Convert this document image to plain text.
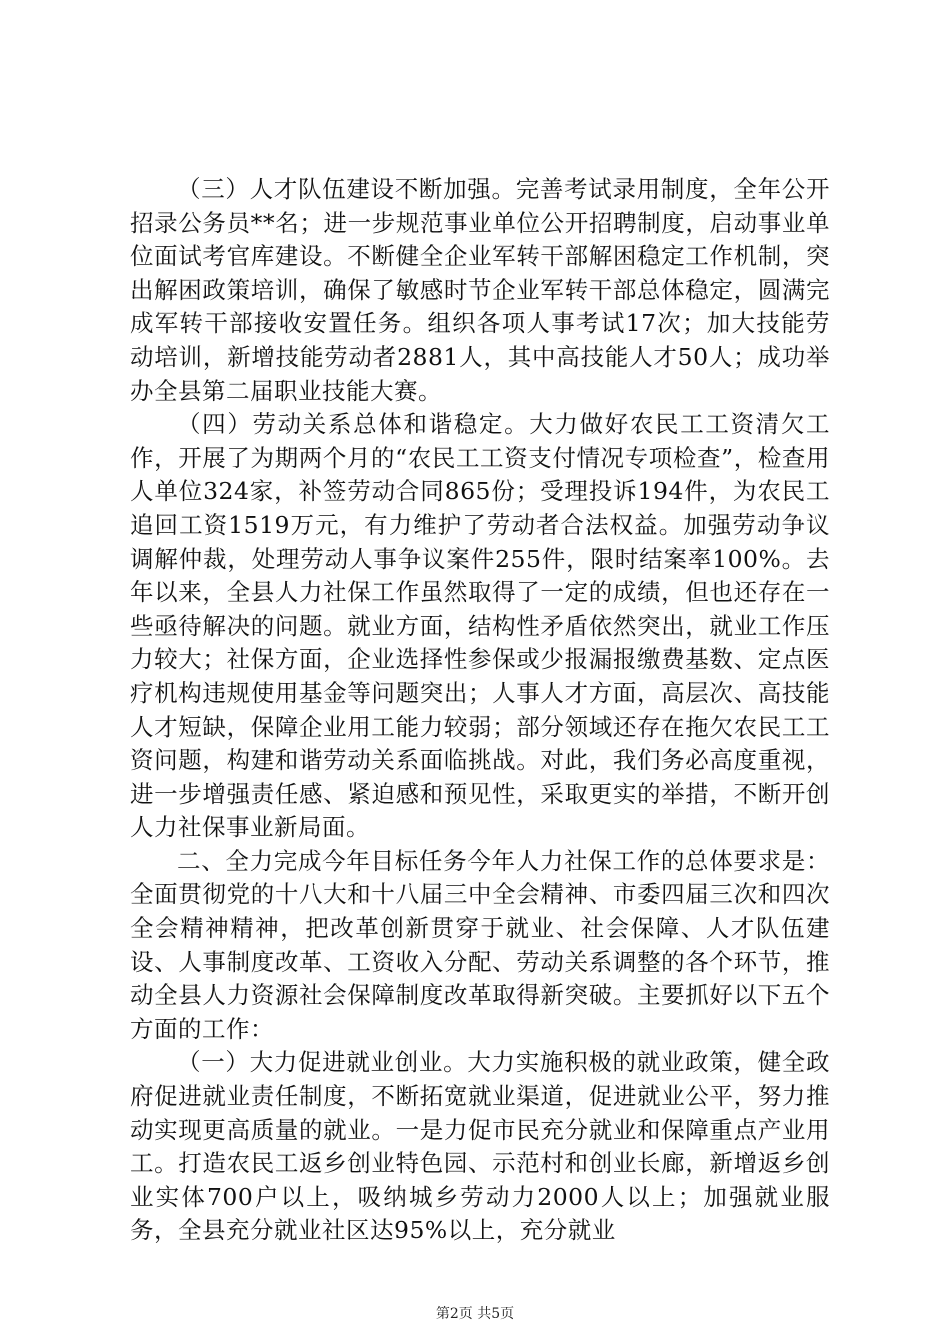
（三）人才队伍建设不断加强。完善考试录用制度，全年公开招录公务员**名；进一步规范事业单位公开招聘制度，启动事业单位面试考官库建设。不断健全企业军转干部解困稳定工作机制，突出解困政策培训，确保了敏感时节企业军转干部总体稳定，圆满完成军转干部接收安置任务。组织各项人事考试17次；加大技能劳动培训，新增技能劳动者2881人，其中高技能人才50人；成功举办全县第二届职业技能大赛。

（四）劳动关系总体和谐稳定。大力做好农民工工资清欠工作，开展了为期两个月的“农民工工资支付情况专项检查”，检查用人单位324家，补签劳动合同865份；受理投诉194件，为农民工追回工资1519万元，有力维护了劳动者合法权益。加强劳动争议调解仲裁，处理劳动人事争议案件255件，限时结案率100%。去年以来，全县人力社保工作虽然取得了一定的成绩，但也还存在一些亟待解决的问题。就业方面，结构性矛盾依然突出，就业工作压力较大；社保方面，企业选择性参保或少报漏报缴费基数、定点医疗机构违规使用基金等问题突出；人事人才方面，高层次、高技能人才短缺，保障企业用工能力较弱；部分领域还存在拖欠农民工工资问题，构建和谐劳动关系面临挑战。对此，我们务必高度重视，进一步增强责任感、紧迫感和预见性，采取更实的举措，不断开创人力社保事业新局面。

二、全力完成今年目标任务今年人力社保工作的总体要求是：全面贯彻党的十八大和十八届三中全会精神、市委四届三次和四次全会精神精神，把改革创新贯穿于就业、社会保障、人才队伍建设、人事制度改革、工资收入分配、劳动关系调整的各个环节，推动全县人力资源社会保障制度改革取得新突破。主要抓好以下五个方面的工作：

（一）大力促进就业创业。大力实施积极的就业政策，健全政府促进就业责任制度，不断拓宽就业渠道，促进就业公平，努力推动实现更高质量的就业。一是力促市民充分就业和保障重点产业用工。打造农民工返乡创业特色园、示范村和创业长廊，新增返乡创业实体700户以上，吸纳城乡劳动力2000人以上；加强就业服务，全县充分就业社区达95%以上，充分就业

第2页 共5页
